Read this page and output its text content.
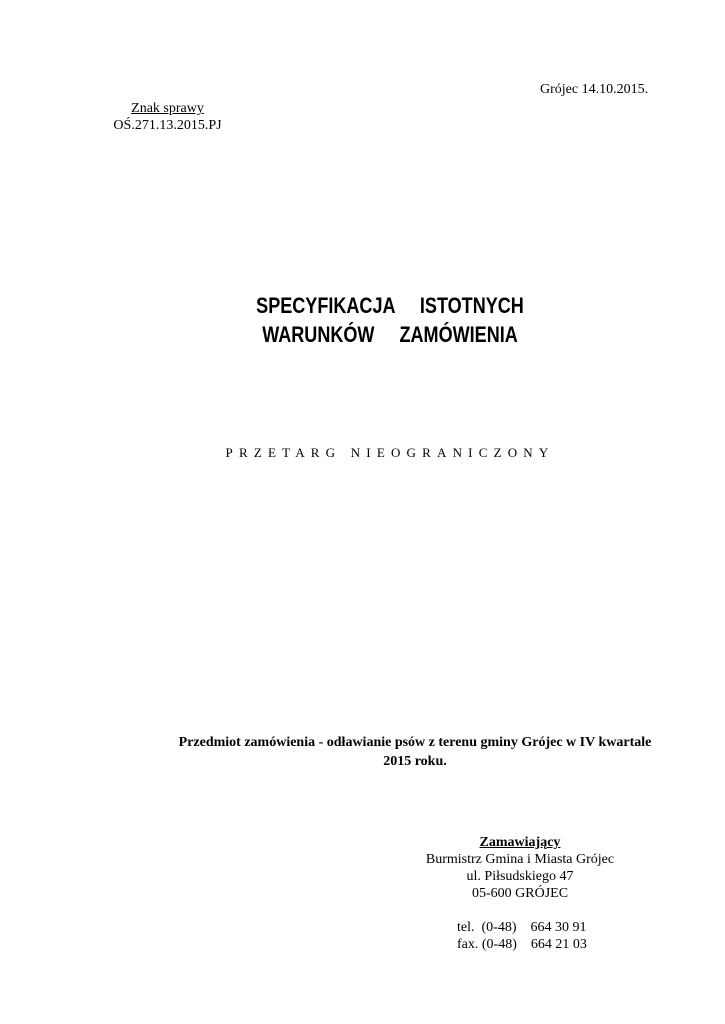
Grójec 14.10.2015.
Znak sprawy
OŚ.271.13.2015.PJ
SPECYFIKACJA     ISTOTNYCH
WARUNKÓW     ZAMÓWIENIA
PRZETARG NIEOGRANICZONY
Przedmiot zamówienia - odławianie psów z terenu gminy Grójec w IV kwartale
2015 roku.
Zamawiający
Burmistrz Gmina i Miasta Grójec
ul. Piłsudskiego 47
05-600 GRÓJEC
tel.  (0-48)    664 30 91
fax. (0-48)    664 21 03
